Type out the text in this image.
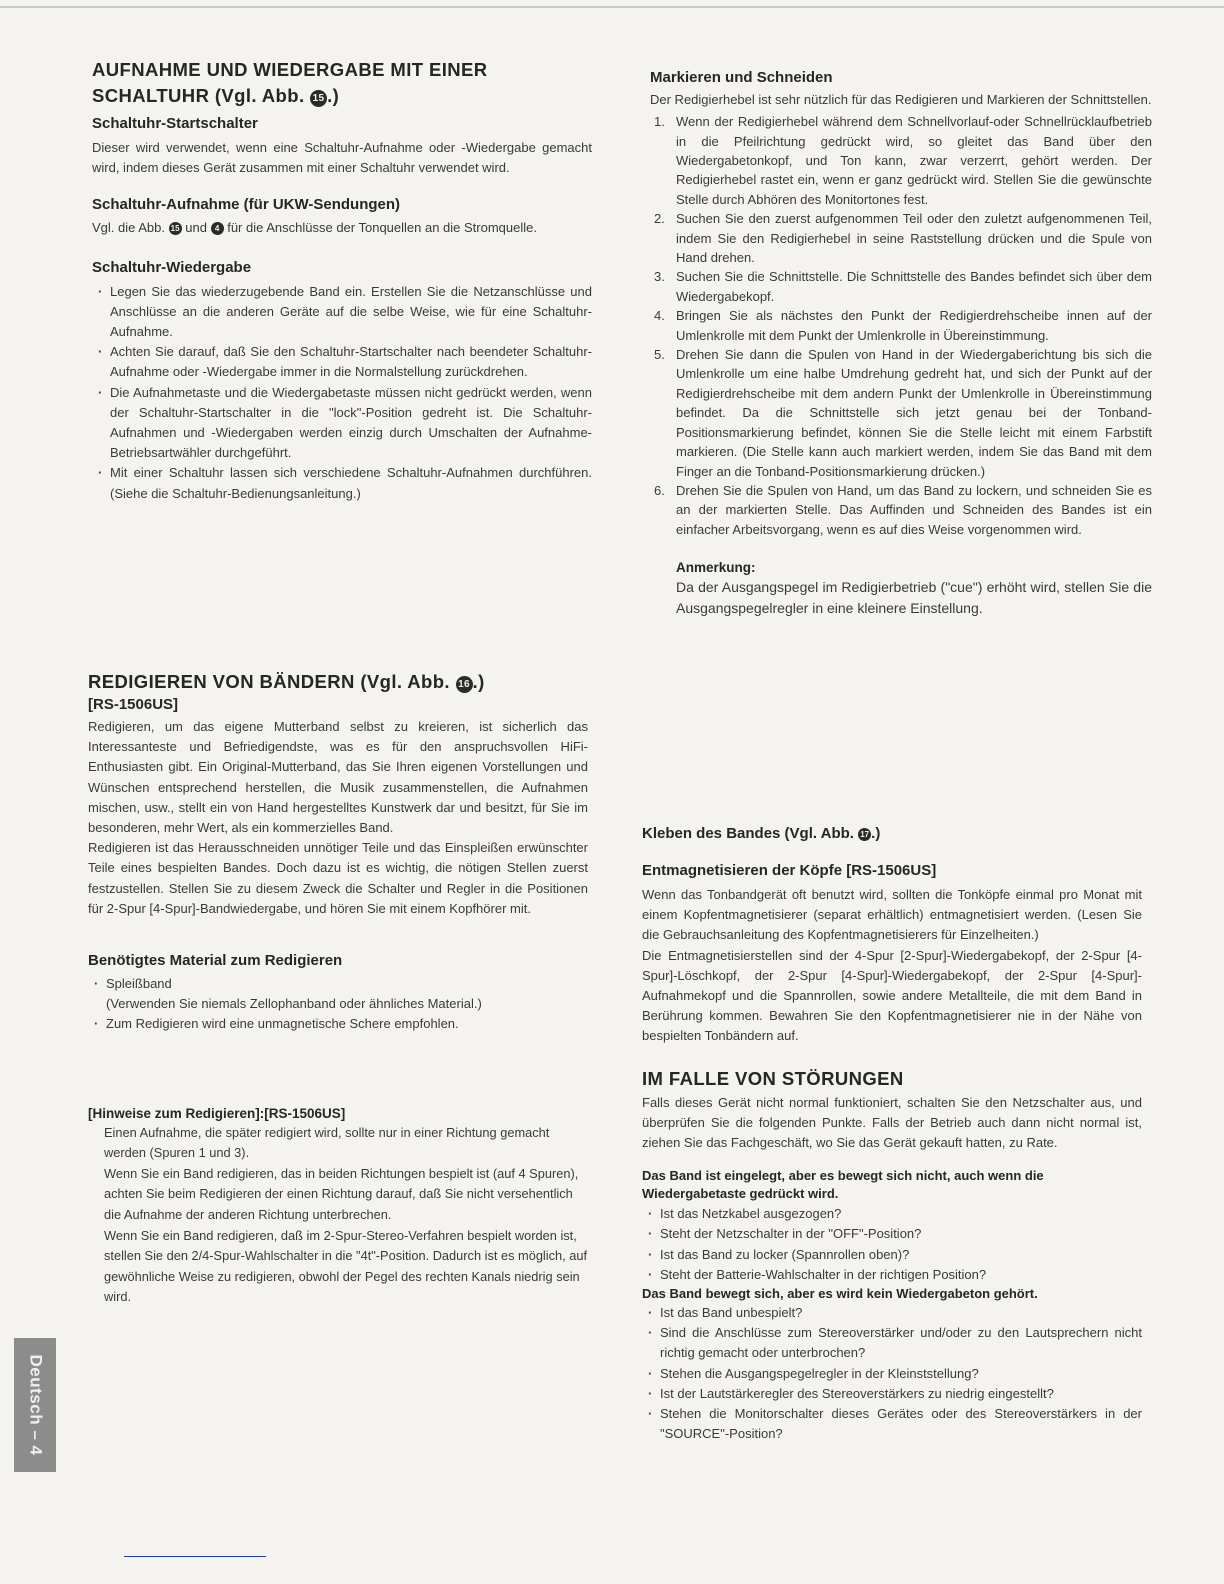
AUFNAHME UND WIEDERGABE MIT EINER
SCHALTUHR (Vgl. Abb. 15 .)
Schaltuhr-Startschalter

Dieser wird verwendet, wenn eine Schaltuhr-Aufnahme oder -Wiedergabe gemacht wird, indem dieses Gerät zusammen mit einer Schaltuhr verwendet wird.

Schaltuhr-Aufnahme (für UKW-Sendungen)

Vgl. die Abb. 15 und 4 für die Anschlüsse der Tonquellen an die Stromquelle.

Schaltuhr-Wiedergabe
· Legen Sie das wiederzugebende Band ein. Erstellen Sie die Netzanschlüsse und Anschlüsse an die anderen Geräte auf die selbe Weise, wie für eine Schaltuhr-Aufnahme.
· Achten Sie darauf, daß Sie den Schaltuhr-Startschalter nach beendeter Schaltuhr-Aufnahme oder -Wiedergabe immer in die Normalstellung zurückdrehen.
· Die Aufnahmetaste und die Wiedergabetaste müssen nicht gedrückt werden, wenn der Schaltuhr-Startschalter in die "lock"-Position gedreht ist. Die Schaltuhr-Aufnahmen und -Wiedergaben werden einzig durch Umschalten der Aufnahme-Betriebsartwähler durchgeführt.
· Mit einer Schaltuhr lassen sich verschiedene Schaltuhr-Aufnahmen durchführen. (Siehe die Schaltuhr-Bedienungsanleitung.)
REDIGIEREN VON BÄNDERN (Vgl. Abb. 16 .)
[RS-1506US]

Redigieren, um das eigene Mutterband selbst zu kreieren, ist sicherlich das Interessanteste und Befriedigendste, was es für den anspruchsvollen HiFi-Enthusiasten gibt. Ein Original-Mutterband, das Sie Ihren eigenen Vorstellungen und Wünschen entsprechend herstellen, die Musik zusammenstellen, die Aufnahmen mischen, usw., stellt ein von Hand hergestelltes Kunstwerk dar und besitzt, für Sie im besonderen, mehr Wert, als ein kommerzielles Band.

Redigieren ist das Herausschneiden unnötiger Teile und das Einspleißen erwünschter Teile eines bespielten Bandes. Doch dazu ist es wichtig, die nötigen Stellen zuerst festzustellen. Stellen Sie zu diesem Zweck die Schalter und Regler in die Positionen für 2-Spur [4-Spur]-Bandwiedergabe, und hören Sie mit einem Kopfhörer mit.

Benötigtes Material zum Redigieren
· Spleißband
(Verwenden Sie niemals Zellophanband oder ähnliches Material.)
· Zum Redigieren wird eine unmagnetische Schere empfohlen.
[Hinweise zum Redigieren]:[RS-1506US]

Einen Aufnahme, die später redigiert wird, sollte nur in einer Richtung gemacht werden (Spuren 1 und 3).

Wenn Sie ein Band redigieren, das in beiden Richtungen bespielt ist (auf 4 Spuren), achten Sie beim Redigieren der einen Richtung darauf, daß Sie nicht versehentlich die Aufnahme der anderen Richtung unterbrechen.

Wenn Sie ein Band redigieren, daß im 2-Spur-Stereo-Verfahren bespielt worden ist, stellen Sie den 2/4-Spur-Wahlschalter in die "4t"-Position. Dadurch ist es möglich, auf gewöhnliche Weise zu redigieren, obwohl der Pegel des rechten Kanals niedrig sein wird.

Markieren und Schneiden

Der Redigierhebel ist sehr nützlich für das Redigieren und Markieren der Schnittstellen.

1. Wenn der Redigierhebel während dem Schnellvorlauf-oder Schnellrücklaufbetrieb in die Pfeilrichtung gedrückt wird, so gleitet das Band über den Wiedergabetonkopf, und Ton kann, zwar verzerrt, gehört werden. Der Redigierhebel rastet ein, wenn er ganz gedrückt wird. Stellen Sie die gewünschte Stelle durch Abhören des Monitortones fest.
2. Suchen Sie den zuerst aufgenommen Teil oder den zuletzt aufgenommenen Teil, indem Sie den Redigierhebel in seine Raststellung drücken und die Spule von Hand drehen.
3. Suchen Sie die Schnittstelle. Die Schnittstelle des Bandes befindet sich über dem Wiedergabekopf.
4. Bringen Sie als nächstes den Punkt der Redigierdrehscheibe innen auf der Umlenkrolle mit dem Punkt der Umlenkrolle in Übereinstimmung.
5. Drehen Sie dann die Spulen von Hand in der Wiedergaberichtung bis sich die Umlenkrolle um eine halbe Umdrehung gedreht hat, und sich der Punkt auf der Redigierdrehscheibe mit dem andern Punkt der Umlenkrolle in Übereinstimmung befindet. Da die Schnittstelle sich jetzt genau bei der Tonband-Positionsmarkierung befindet, können Sie die Stelle leicht mit einem Farbstift markieren. (Die Stelle kann auch markiert werden, indem Sie das Band mit dem Finger an die Tonband-Positionsmarkierung drücken.)
6. Drehen Sie die Spulen von Hand, um das Band zu lockern, und schneiden Sie es an der markierten Stelle. Das Auffinden und Schneiden des Bandes ist ein einfacher Arbeitsvorgang, wenn es auf dies Weise vorgenommen wird.
Anmerkung:

Da der Ausgangspegel im Redigierbetrieb ("cue") erhöht wird, stellen Sie die Ausgangspegelregler in eine kleinere Einstellung.

Kleben des Bandes (Vgl. Abb. 17 .)
Entmagnetisieren der Köpfe [RS-1506US]

Wenn das Tonbandgerät oft benutzt wird, sollten die Tonköpfe einmal pro Monat mit einem Kopfentmagnetisierer (separat erhältlich) entmagnetisiert werden. (Lesen Sie die Gebrauchsanleitung des Kopfentmagnetisierers für Einzelheiten.)

Die Entmagnetisierstellen sind der 4-Spur [2-Spur]-Wiedergabekopf, der 2-Spur [4-Spur]-Löschkopf, der 2-Spur [4-Spur]-Wiedergabekopf, der 2-Spur [4-Spur]-Aufnahmekopf und die Spannrollen, sowie andere Metallteile, die mit dem Band in Berührung kommen. Bewahren Sie den Kopfentmagnetisierer nie in der Nähe von bespielten Tonbändern auf.

IM FALLE VON STÖRUNGEN

Falls dieses Gerät nicht normal funktioniert, schalten Sie den Netzschalter aus, und überprüfen Sie die folgenden Punkte. Falls der Betrieb auch dann nicht normal ist, ziehen Sie das Fachgeschäft, wo Sie das Gerät gekauft hatten, zu Rate.

Das Band ist eingelegt, aber es bewegt sich nicht, auch wenn die Wiedergabetaste gedrückt wird.
· Ist das Netzkabel ausgezogen?
· Steht der Netzschalter in der "OFF"-Position?
· Ist das Band zu locker (Spannrollen oben)?
· Steht der Batterie-Wahlschalter in der richtigen Position?
Das Band bewegt sich, aber es wird kein Wiedergabeton gehört.
· Ist das Band unbespielt?
· Sind die Anschlüsse zum Stereoverstärker und/oder zu den Lautsprechern nicht richtig gemacht oder unterbrochen?
· Stehen die Ausgangspegelregler in der Kleinststellung?
· Ist der Lautstärkeregler des Stereoverstärkers zu niedrig eingestellt?
· Stehen die Monitorschalter dieses Gerätes oder des Stereoverstärkers in der "SOURCE"-Position?
Deutsch – 4
